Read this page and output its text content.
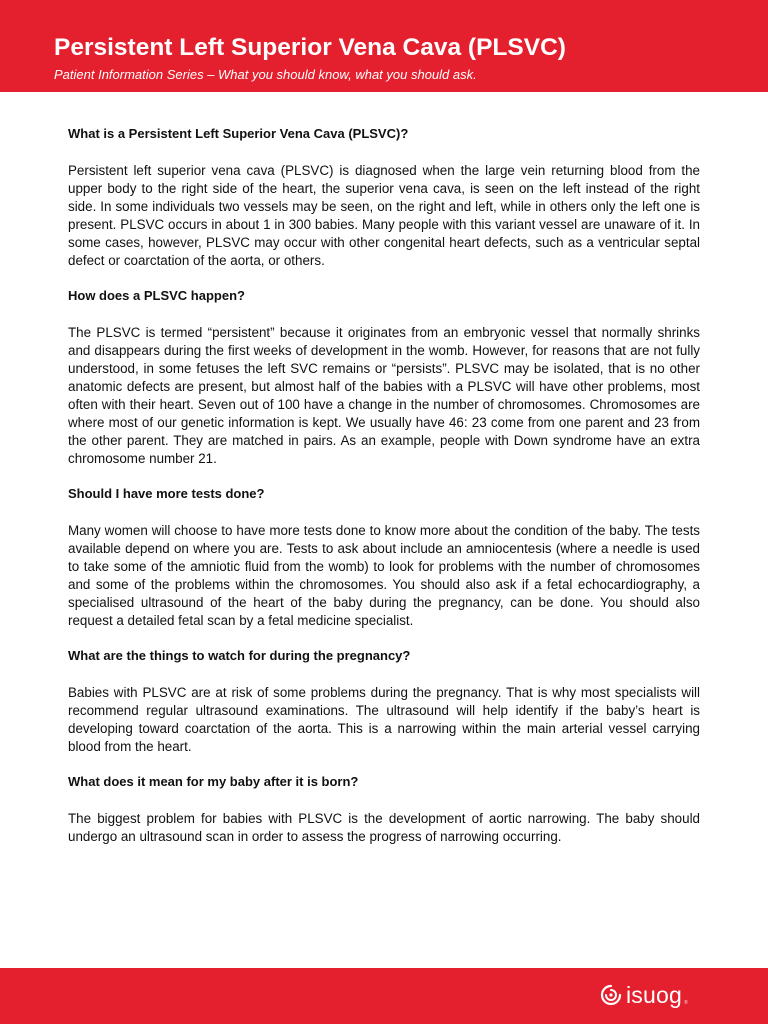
Persistent Left Superior Vena Cava (PLSVC)
Patient Information Series – What you should know, what you should ask.
What is a Persistent Left Superior Vena Cava (PLSVC)?

Persistent left superior vena cava (PLSVC) is diagnosed when the large vein returning blood from the upper body to the right side of the heart, the superior vena cava, is seen on the left instead of the right side. In some individuals two vessels may be seen, on the right and left, while in others only the left one is present. PLSVC occurs in about 1 in 300 babies. Many people with this variant vessel are unaware of it. In some cases, however, PLSVC may occur with other congenital heart defects, such as a ventricular septal defect or coarctation of the aorta, or others.

How does a PLSVC happen?

The PLSVC is termed “persistent” because it originates from an embryonic vessel that normally shrinks and disappears during the first weeks of development in the womb. However, for reasons that are not fully understood, in some fetuses the left SVC remains or “persists”. PLSVC may be isolated, that is no other anatomic defects are present, but almost half of the babies with a PLSVC will have other problems, most often with their heart. Seven out of 100 have a change in the number of chromosomes. Chromosomes are where most of our genetic information is kept. We usually have 46: 23 come from one parent and 23 from the other parent. They are matched in pairs. As an example, people with Down syndrome have an extra chromosome number 21.

Should I have more tests done?

Many women will choose to have more tests done to know more about the condition of the baby. The tests available depend on where you are. Tests to ask about include an amniocentesis (where a needle is used to take some of the amniotic fluid from the womb) to look for problems with the number of chromosomes and some of the problems within the chromosomes. You should also ask if a fetal echocardiography, a specialised ultrasound of the heart of the baby during the pregnancy, can be done. You should also request a detailed fetal scan by a fetal medicine specialist.

What are the things to watch for during the pregnancy?

Babies with PLSVC are at risk of some problems during the pregnancy. That is why most specialists will recommend regular ultrasound examinations. The ultrasound will help identify if the baby’s heart is developing toward coarctation of the aorta. This is a narrowing within the main arterial vessel carrying blood from the heart.

What does it mean for my baby after it is born?

The biggest problem for babies with PLSVC is the development of aortic narrowing. The baby should undergo an ultrasound scan in order to assess the progress of narrowing occurring.

isuog ®
